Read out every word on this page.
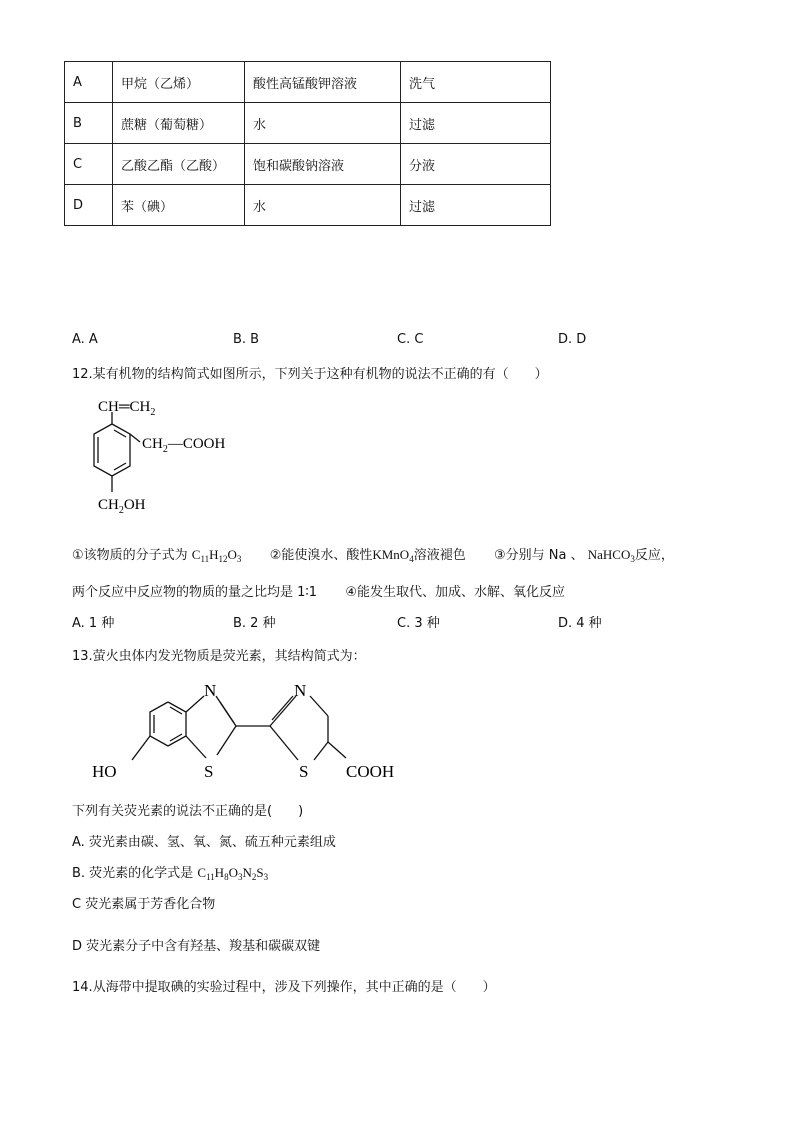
A	甲烷（乙烯）	酸性高锰酸钾溶液	洗气
B	蔗糖（葡萄糖）	水	过滤
C	乙酸乙酯（乙酸）	饱和碳酸钠溶液	分液
D	苯（碘）	水	过滤
A. A	B. B	C. C	D. D
12.某有机物的结构简式如图所示，下列关于这种有机物的说法不正确的有（　　）
$CH═CH_2$
$CH_2—COOH$
$CH_2OH$
①该物质的分子式为 $C_{11}H_{12}O_3$ ②能使溴水、酸性KMnO$_4$溶液褪色 ③分别与 Na 、 NaHCO$_3$反应，
两个反应中反应物的物质的量之比均是 1∶1 ④能发生取代、加成、水解、氧化反应
A. 1 种	B. 2 种	C. 3 种	D. 4 种
13.萤火虫体内发光物质是荧光素，其结构简式为：
N	N
S	S
HO	COOH
下列有关荧光素的说法不正确的是(　　)
A. 荧光素由碳、氢、氧、氮、硫五种元素组成
B. 荧光素的化学式是 $C_{11}H_8O_3N_2S_3$
C 荧光素属于芳香化合物
D 荧光素分子中含有羟基、羧基和碳碳双键
14.从海带中提取碘的实验过程中，涉及下列操作，其中正确的是（　　）
